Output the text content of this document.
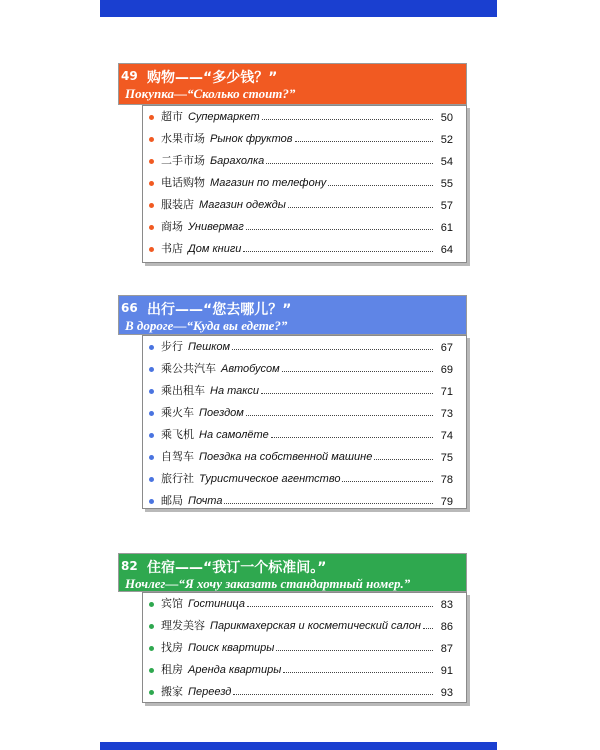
49 购物——“多少钱？”
Покупка—“Сколько стоит?”
超市 Супермаркет	50
水果市场 Рынок фруктов	52
二手市场 Барахолка	54
电话购物 Магазин по телефону	55
服装店 Магазин одежды	57
商场 Универмаг	61
书店 Дом книги	64
66 出行——“您去哪儿？”
В дороге—“Куда вы едете?”
步行 Пешком	67
乘公共汽车 Автобусом	69
乘出租车 На такси	71
乘火车 Поездом	73
乘飞机 На самолёте	74
自驾车 Поездка на собственной машине	75
旅行社 Туристическое агентство	78
邮局 Почта	79
82 住宿——“我订一个标准间。”
Ночлег—“Я хочу заказать стандартный номер.”
宾馆 Гостиница	83
理发美容 Парикмахерская и косметический салон	86
找房 Поиск квартиры	87
租房 Аренда квартиры	91
搬家 Переезд	93
